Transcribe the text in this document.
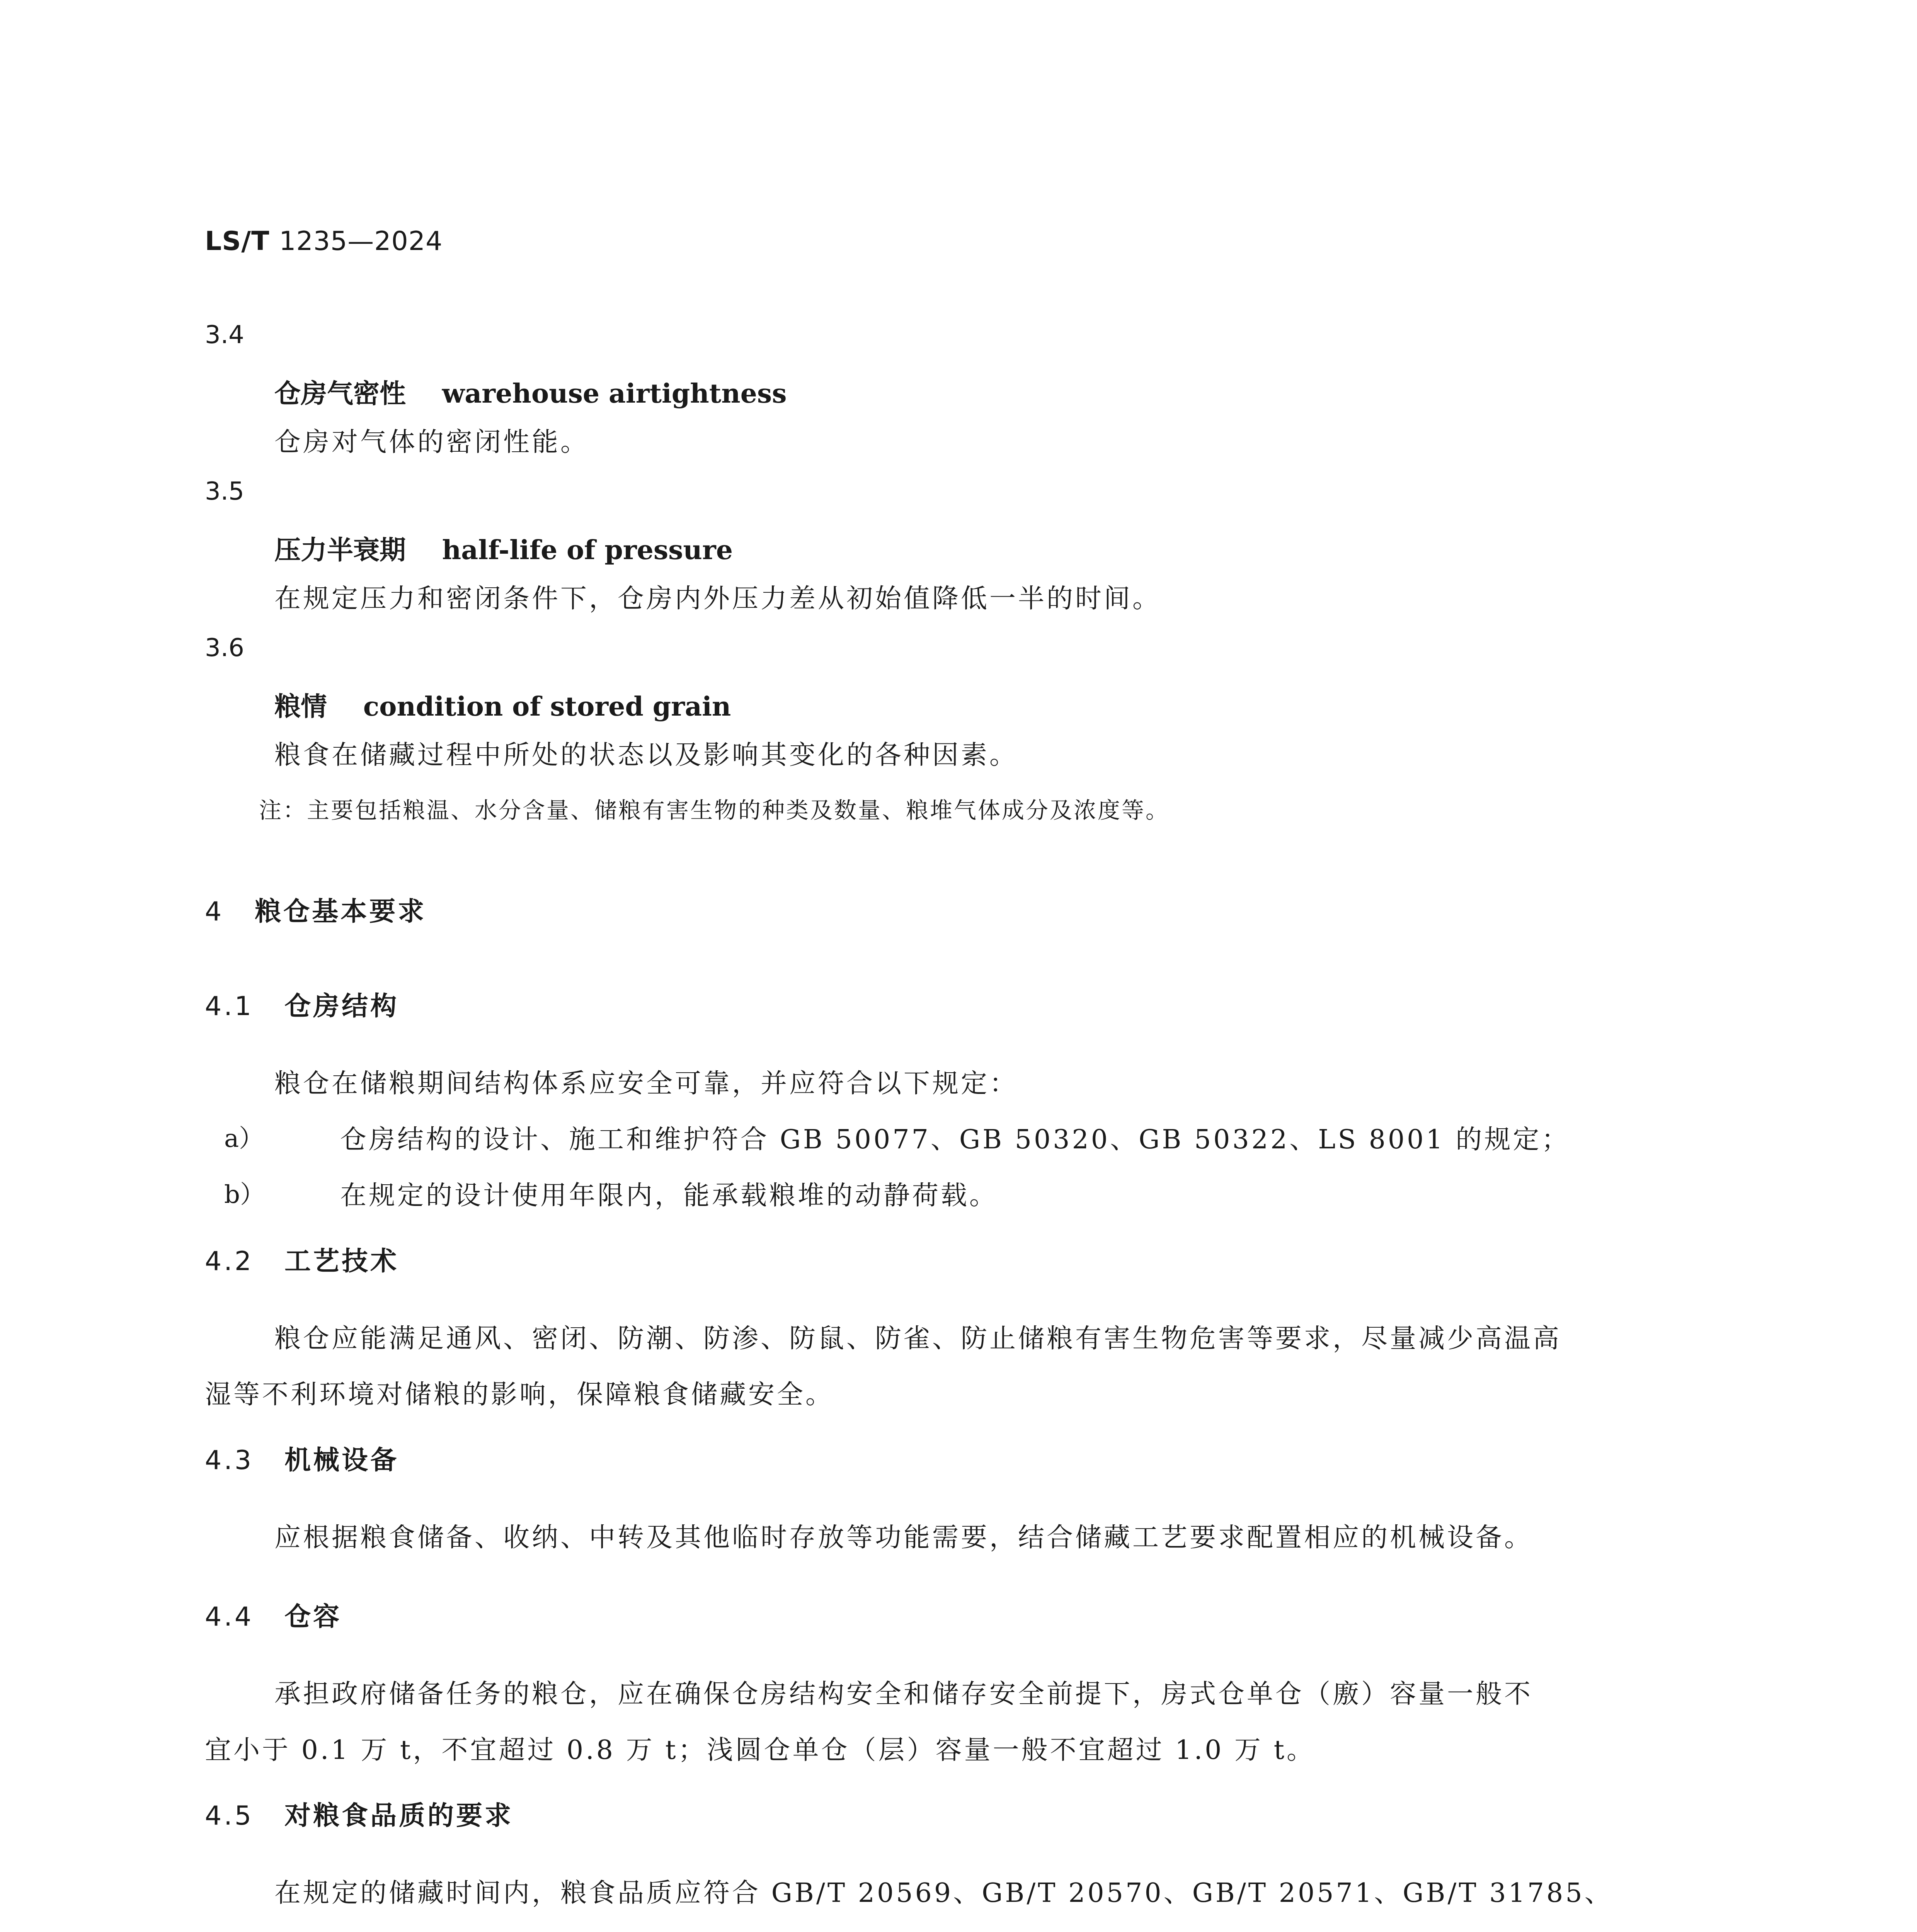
LS/T 1235—2024
3.4
仓房气密性 warehouse airtightness
仓房对气体的密闭性能。
3.5
压力半衰期 half-life of pressure
在规定压力和密闭条件下，仓房内外压力差从初始值降低一半的时间。
3.6
粮情 condition of stored grain
粮食在储藏过程中所处的状态以及影响其变化的各种因素。
注：主要包括粮温、水分含量、储粮有害生物的种类及数量、粮堆气体成分及浓度等。
4 粮仓基本要求
4.1 仓房结构
粮仓在储粮期间结构体系应安全可靠，并应符合以下规定：
a）	仓房结构的设计、施工和维护符合 GB 50077、GB 50320、GB 50322、LS 8001 的规定；
b）	在规定的设计使用年限内，能承载粮堆的动静荷载。
4.2 工艺技术
粮仓应能满足通风、密闭、防潮、防渗、防鼠、防雀、防止储粮有害生物危害等要求，尽量减少高温高
湿等不利环境对储粮的影响，保障粮食储藏安全。
4.3 机械设备
应根据粮食储备、收纳、中转及其他临时存放等功能需要，结合储藏工艺要求配置相应的机械设备。
4.4 仓容
承担政府储备任务的粮仓，应在确保仓房结构安全和储存安全前提下，房式仓单仓（廒）容量一般不
宜小于 0.1 万 t，不宜超过 0.8 万 t；浅圆仓单仓（层）容量一般不宜超过 1.0 万 t。
4.5 对粮食品质的要求
在规定的储藏时间内，粮食品质应符合 GB/T 20569、GB/T 20570、GB/T 20571、GB/T 31785、
